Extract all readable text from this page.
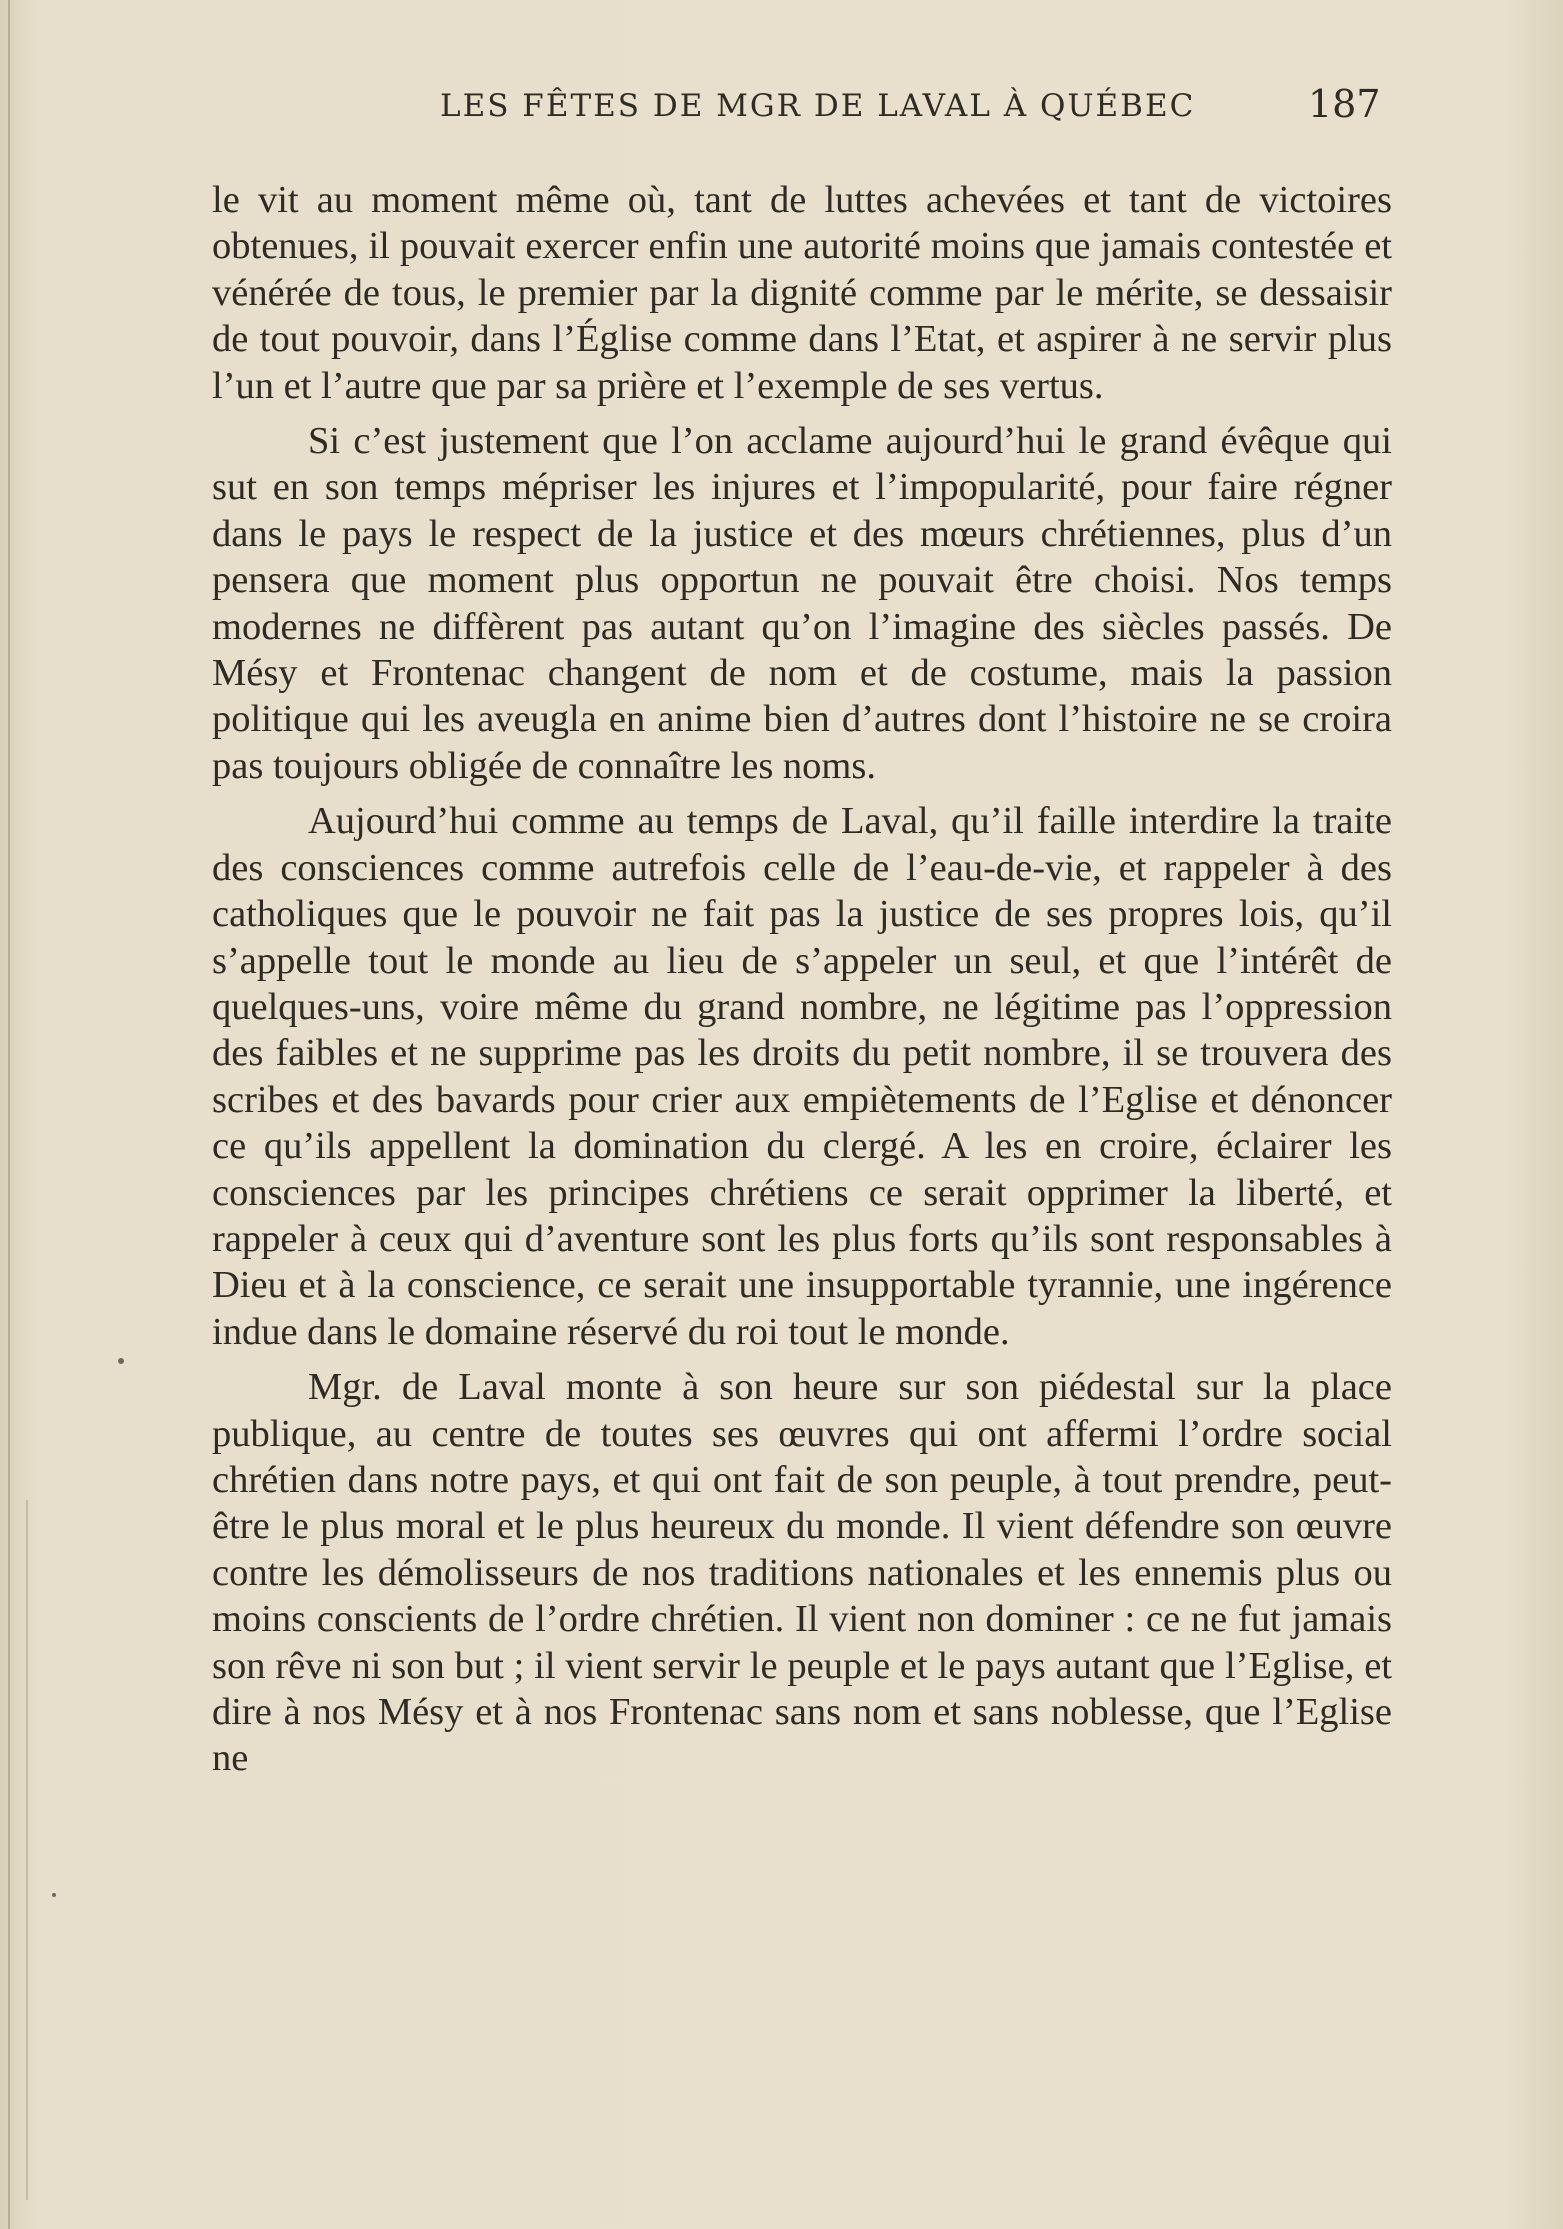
LES FÊTES DE MGR DE LAVAL À QUÉBEC	187

le vit au moment même où, tant de luttes achevées et tant de victoires obtenues, il pouvait exercer enfin une autorité moins que jamais contestée et vénérée de tous, le premier par la dignité comme par le mérite, se dessaisir de tout pouvoir, dans l’Église comme dans l’Etat, et aspirer à ne servir plus l’un et l’autre que par sa prière et l’exemple de ses vertus.

Si c’est justement que l’on acclame aujourd’hui le grand évêque qui sut en son temps mépriser les injures et l’impopularité, pour faire régner dans le pays le respect de la justice et des mœurs chrétiennes, plus d’un pensera que moment plus opportun ne pouvait être choisi. Nos temps modernes ne diffèrent pas autant qu’on l’imagine des siècles passés. De Mésy et Frontenac changent de nom et de costume, mais la passion politique qui les aveugla en anime bien d’autres dont l’histoire ne se croira pas toujours obligée de connaître les noms.

Aujourd’hui comme au temps de Laval, qu’il faille interdire la traite des consciences comme autrefois celle de l’eau-de-vie, et rappeler à des catholiques que le pouvoir ne fait pas la justice de ses propres lois, qu’il s’appelle tout le monde au lieu de s’appeler un seul, et que l’intérêt de quelques-uns, voire même du grand nombre, ne légitime pas l’oppression des faibles et ne supprime pas les droits du petit nombre, il se trouvera des scribes et des bavards pour crier aux empiètements de l’Eglise et dénoncer ce qu’ils appellent la domination du clergé. A les en croire, éclairer les consciences par les principes chrétiens ce serait opprimer la liberté, et rappeler à ceux qui d’aventure sont les plus forts qu’ils sont responsables à Dieu et à la conscience, ce serait une insupportable tyrannie, une ingérence indue dans le domaine réservé du roi tout le monde.

Mgr. de Laval monte à son heure sur son piédestal sur la place publique, au centre de toutes ses œuvres qui ont affermi l’ordre social chrétien dans notre pays, et qui ont fait de son peuple, à tout prendre, peut-être le plus moral et le plus heureux du monde. Il vient défendre son œuvre contre les démolisseurs de nos traditions nationales et les ennemis plus ou moins conscients de l’ordre chrétien. Il vient non dominer : ce ne fut jamais son rêve ni son but ; il vient servir le peuple et le pays autant que l’Eglise, et dire à nos Mésy et à nos Frontenac sans nom et sans noblesse, que l’Eglise ne
